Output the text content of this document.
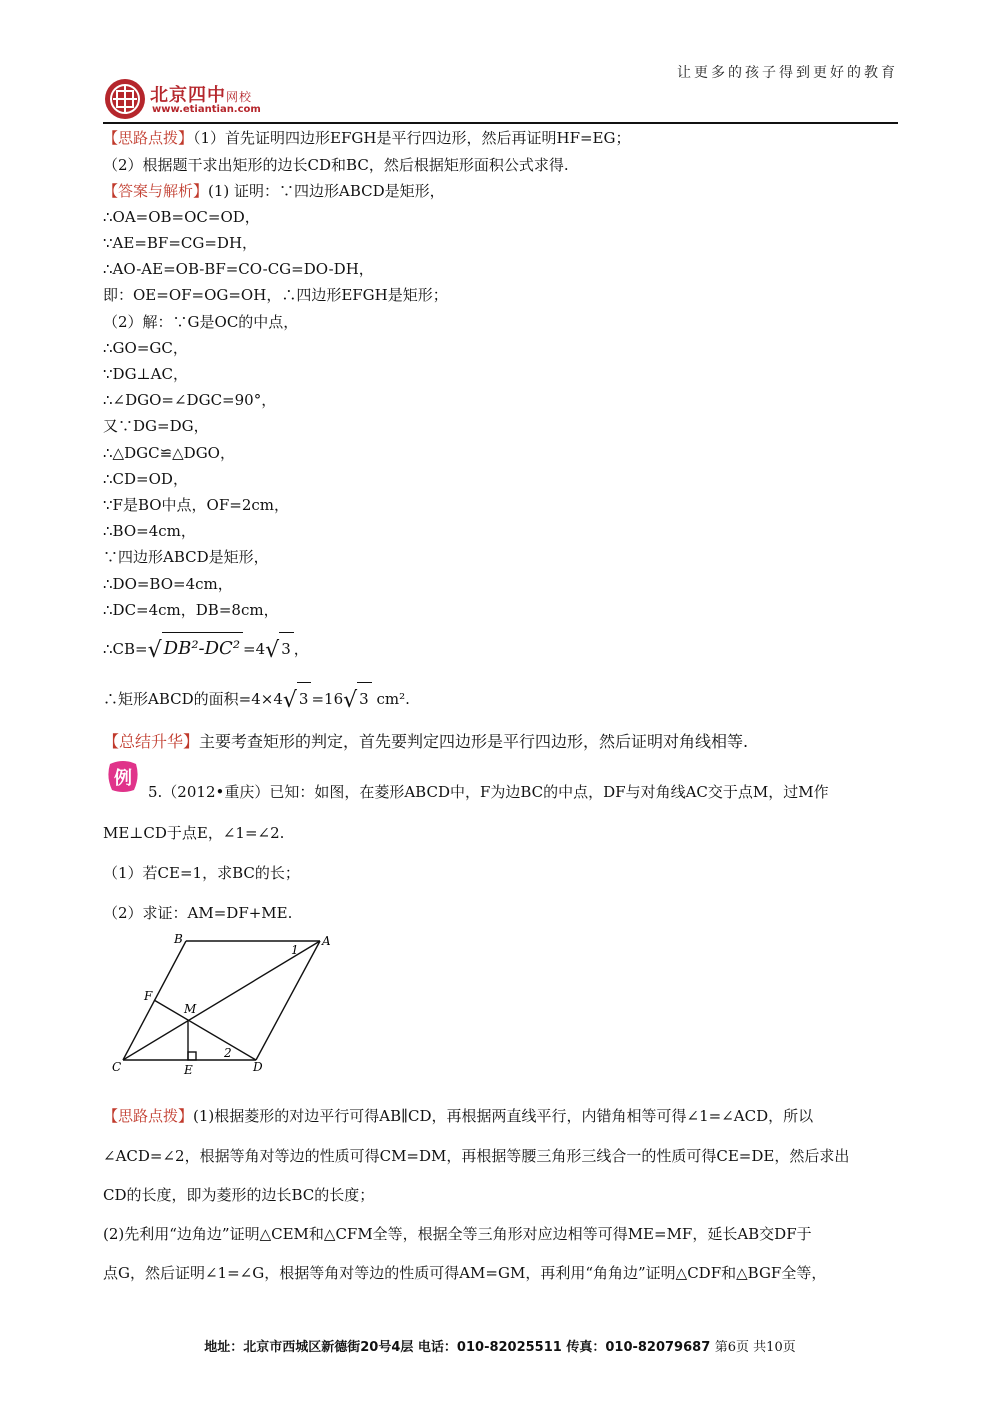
让更多的孩子得到更好的教育
北京四中网校
www.etiantian.com
【思路点拨】（1）首先证明四边形EFGH是平行四边形，然后再证明HF=EG；
（2）根据题干求出矩形的边长CD和BC，然后根据矩形面积公式求得.
【答案与解析】(1) 证明：∵四边形ABCD是矩形，
∴OA=OB=OC=OD，
∵AE=BF=CG=DH，
∴AO-AE=OB-BF=CO-CG=DO-DH，
即：OE=OF=OG=OH，∴四边形EFGH是矩形；
（2）解：∵G是OC的中点，
∴GO=GC，
∵DG⊥AC，
∴∠DGO=∠DGC=90°，
又∵DG=DG，
∴△DGC≌△DGO，
∴CD=OD，
∵F是BO中点，OF=2cm，
∴BO=4cm，
∵四边形ABCD是矩形，
∴DO=BO=4cm，
∴DC=4cm，DB=8cm，
∴CB=√ DB²-DC² =4√ 3 ，
∴矩形ABCD的面积=4×4√ 3 =16√ 3 cm².
【总结升华】主要考查矩形的判定，首先要判定四边形是平行四边形，然后证明对角线相等.
例
5.（2012•重庆）已知：如图，在菱形ABCD中，F为边BC的中点，DF与对角线AC交于点M，过M作
ME⊥CD于点E，∠1=∠2.
（1）若CE=1，求BC的长；
（2）求证：AM=DF+ME.
B	A
F
M
C	E	D
1
2
【思路点拨】(1)根据菱形的对边平行可得AB∥CD，再根据两直线平行，内错角相等可得∠1=∠ACD，所以
∠ACD=∠2，根据等角对等边的性质可得CM=DM，再根据等腰三角形三线合一的性质可得CE=DE，然后求出
CD的长度，即为菱形的边长BC的长度；
(2)先利用“边角边”证明△CEM和△CFM全等，根据全等三角形对应边相等可得ME=MF，延长AB交DF于
点G，然后证明∠1=∠G，根据等角对等边的性质可得AM=GM，再利用“角角边”证明△CDF和△BGF全等，
地址：北京市西城区新德街20号4层 电话：010-82025511 传真：010-82079687 第6页 共10页
